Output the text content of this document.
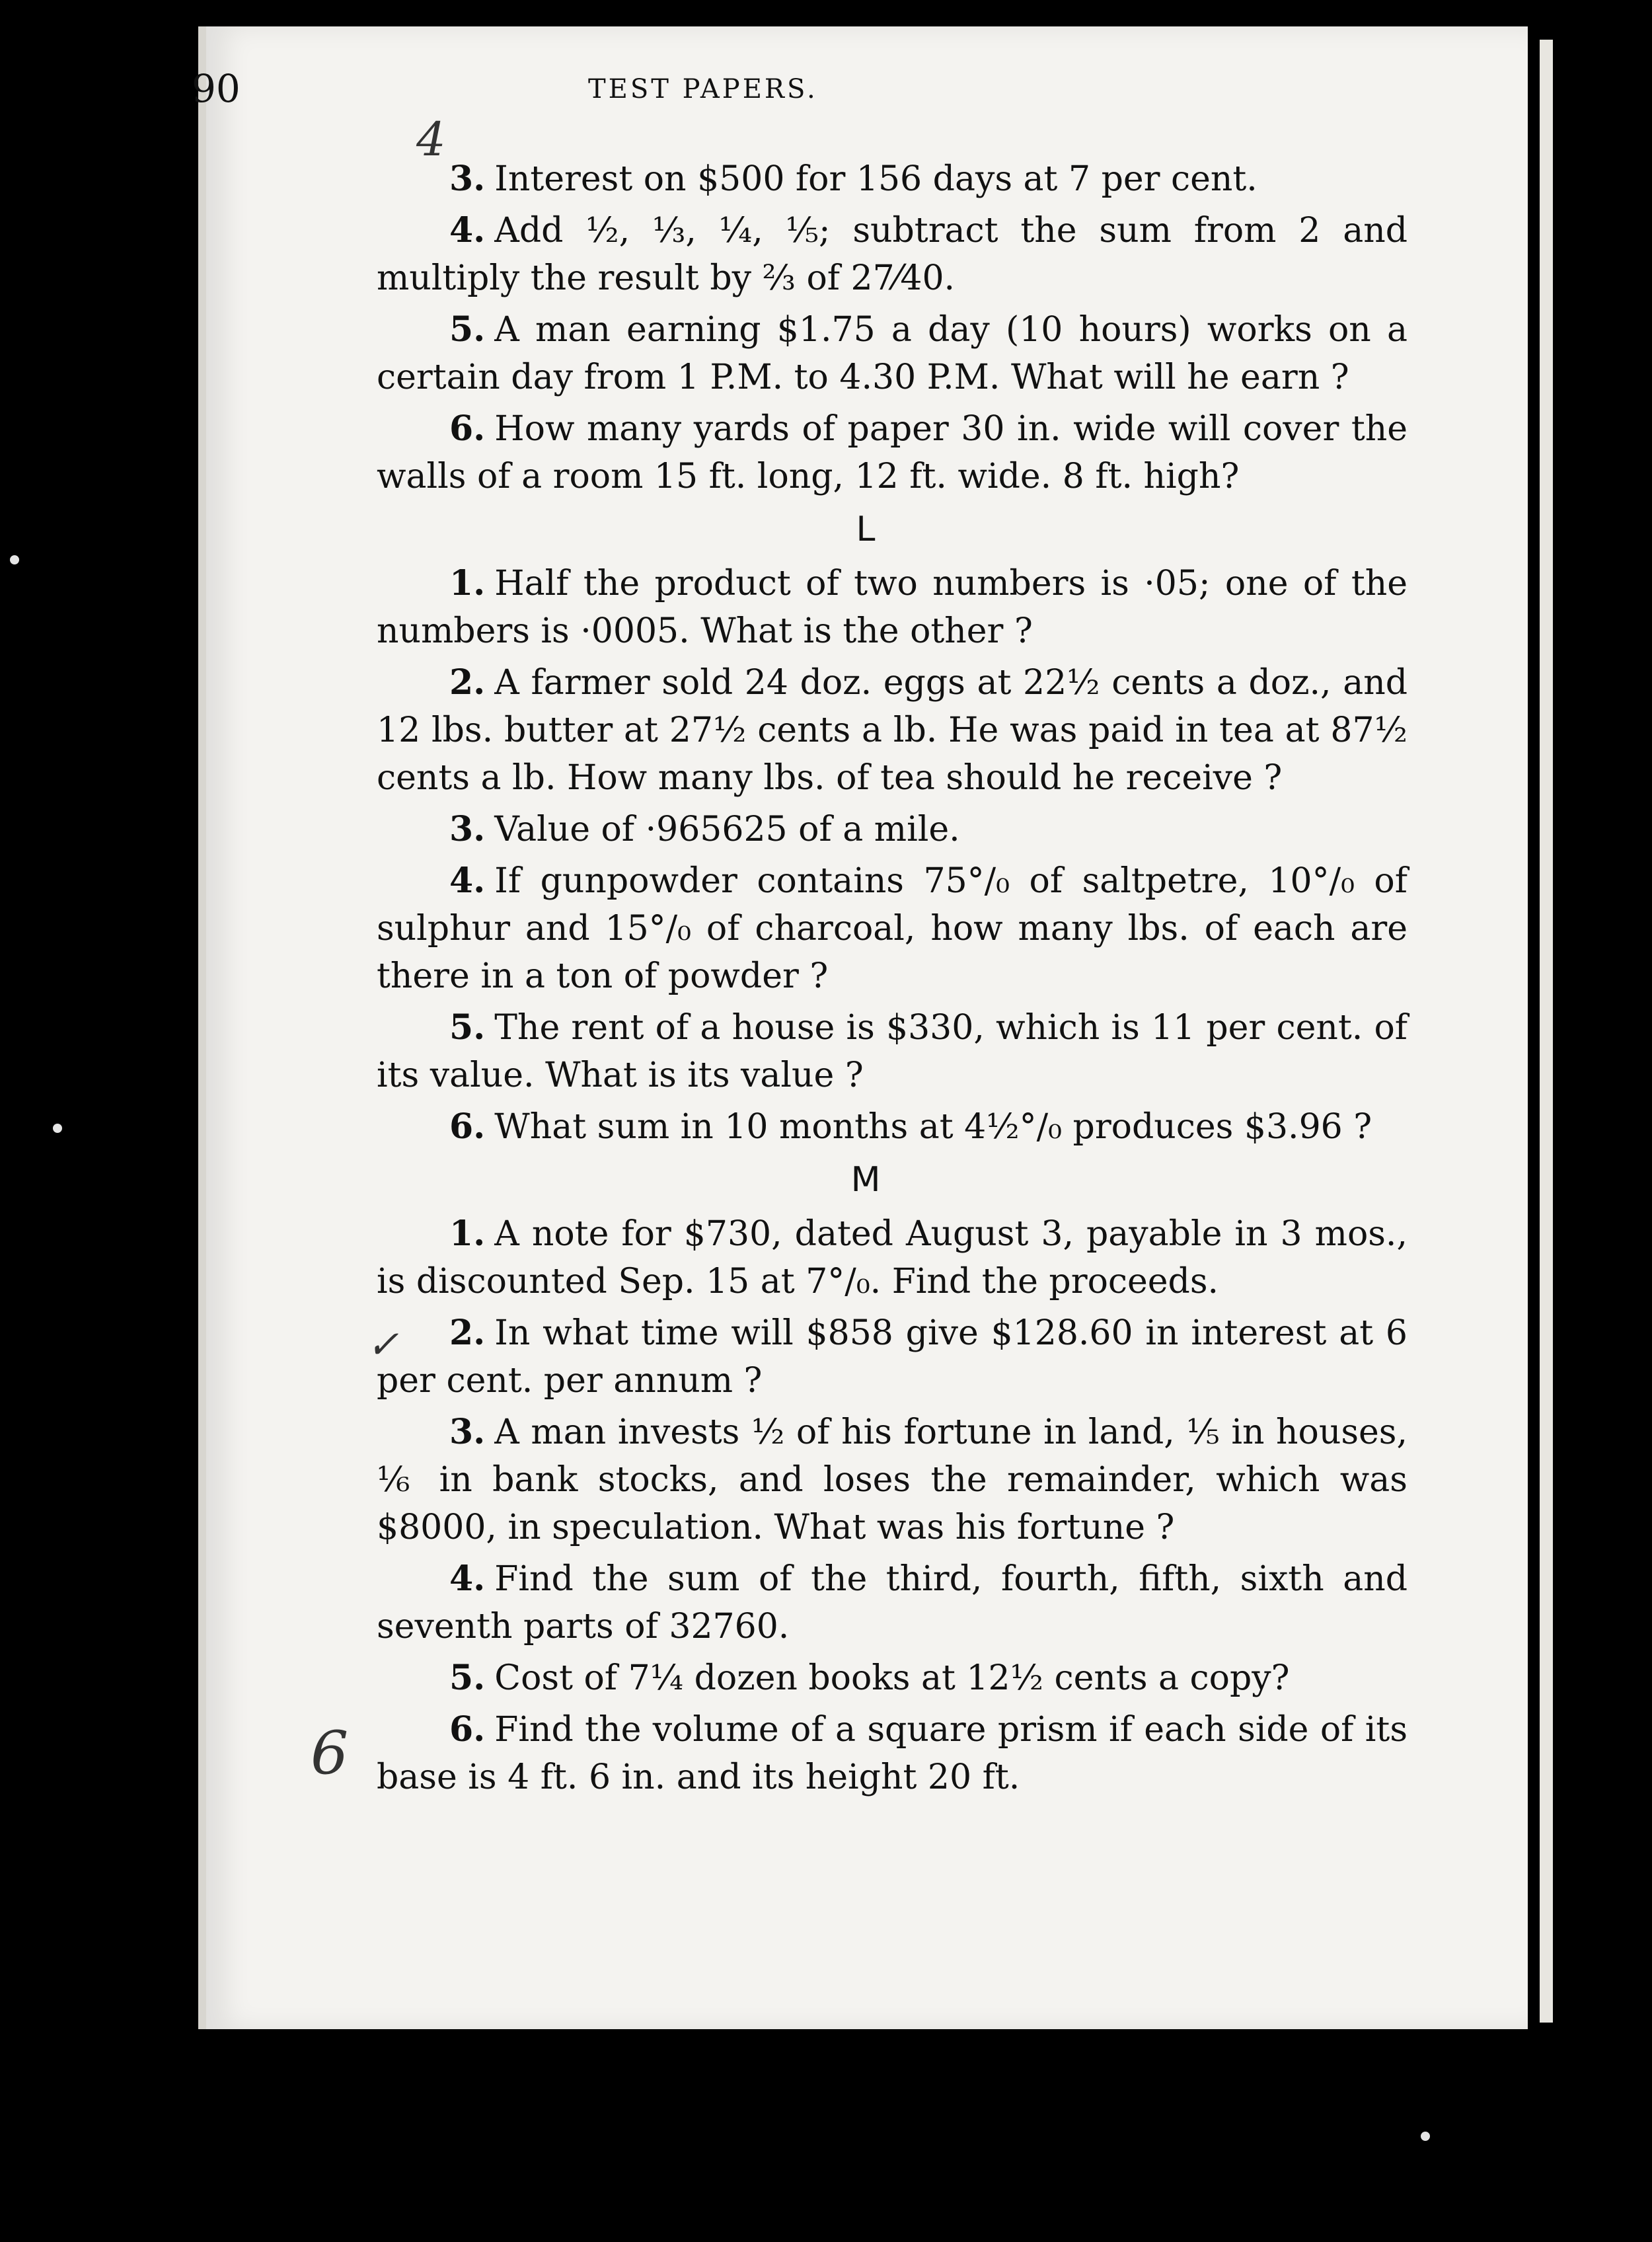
90	TEST PAPERS.
4
✓
6

3. Interest on $500 for 156 days at 7 per cent.

4. Add ½, ⅓, ¼, ⅕; subtract the sum from 2 and multiply the result by ⅔ of 27⁄40.

5. A man earning $1.75 a day (10 hours) works on a certain day from 1 P.M. to 4.30 P.M. What will he earn ?

6. How many yards of paper 30 in. wide will cover the walls of a room 15 ft. long, 12 ft. wide. 8 ft. high?

L

1. Half the product of two numbers is ·05; one of the numbers is ·0005. What is the other ?

2. A farmer sold 24 doz. eggs at 22½ cents a doz., and 12 lbs. butter at 27½ cents a lb. He was paid in tea at 87½ cents a lb. How many lbs. of tea should he receive ?

3. Value of ·965625 of a mile.

4. If gunpowder contains 75°/₀ of saltpetre, 10°/₀ of sulphur and 15°/₀ of charcoal, how many lbs. of each are there in a ton of powder ?

5. The rent of a house is $330, which is 11 per cent. of its value. What is its value ?

6. What sum in 10 months at 4½°/₀ produces $3.96 ?

M

1. A note for $730, dated August 3, payable in 3 mos., is discounted Sep. 15 at 7°/₀. Find the proceeds.

2. In what time will $858 give $128.60 in interest at 6 per cent. per annum ?

3. A man invests ½ of his fortune in land, ⅕ in houses, ⅙ in bank stocks, and loses the remainder, which was $8000, in speculation. What was his fortune ?

4. Find the sum of the third, fourth, fifth, sixth and seventh parts of 32760.

5. Cost of 7¼ dozen books at 12½ cents a copy?

6. Find the volume of a square prism if each side of its base is 4 ft. 6 in. and its height 20 ft.
